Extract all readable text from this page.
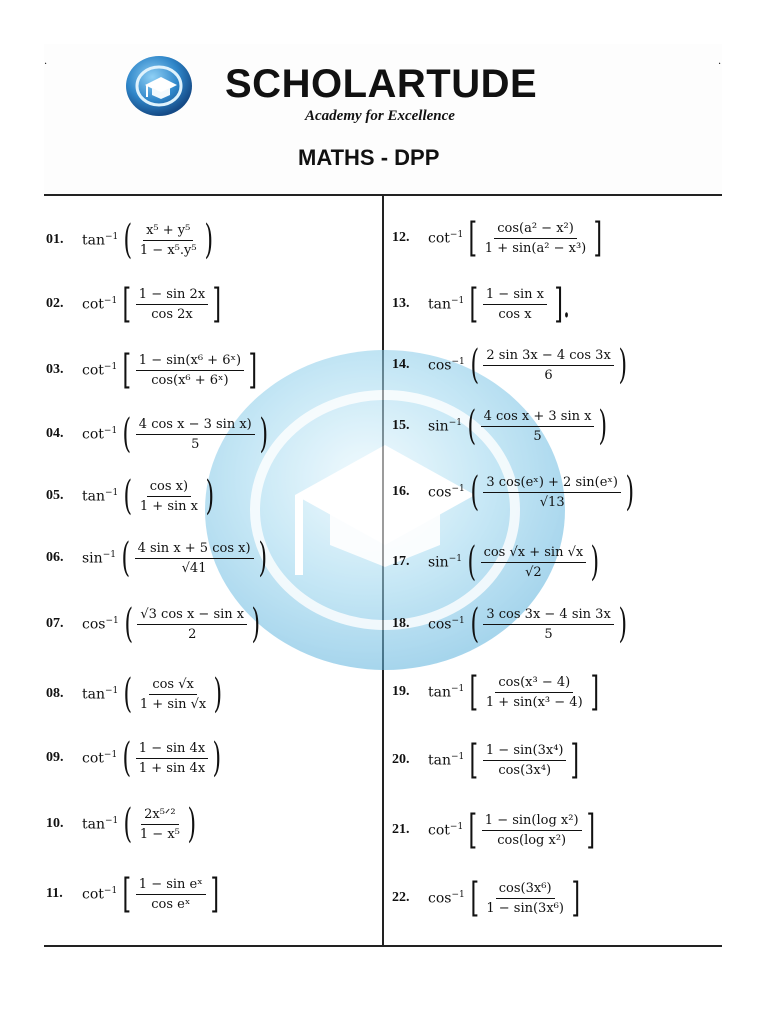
.	.
SCHOLARTUDE
Academy for Excellence
MATHS - DPP
01.	$\tan^{-1}$ ( $\frac{\text{x⁵ + y⁵}}{\text{1 − x⁵.y⁵}}$ )
02.	$\cot^{-1}$ [ $\frac{1 - \sin 2x}{\cos 2x}$ ]
03.	$\cot^{-1}$ [ $\frac{\text{1 − sin(x⁶ + 6ˣ)}}{\text{cos(x⁶ + 6ˣ)}}$ ]
04.	$\cot^{-1}$ ( $\frac{\text{4 cos x − 3 sin x)}}{5}$ )
05.	$\tan^{-1}$ ( $\frac{\text{cos x)}}{\text{1 + sin x}}$ )
06.	$\sin^{-1}$ ( $\frac{\text{4 sin x + 5 cos x)}}{√41}$ )
07.	$\cos^{-1}$ ( $\frac{\text{√3 cos x − sin x}}{2}$ )
08.	$\tan^{-1}$ ( $\frac{\cos √x}{1 + \sin √x}$ )
09.	$\cot^{-1}$ ( $\frac{1 - \sin 4x}{1 + \sin 4x}$ )
10.	$\tan^{-1}$ ( $\frac{\text{2x⁵ᐟ²}}{\text{1 − x⁵}}$ )
11.	$\cot^{-1}$ [ $\frac{\text{1 − sin eˣ}}{\text{cos eˣ}}$ ]
12.	$\cot^{-1}$ [ $\frac{\text{cos(a² − x²)}}{\text{1 + sin(a² − x³)}}$ ]
13.	$\tan^{-1}$ [ $\frac{\text{1 − sin x}}{\text{cos x}}$ ].
14.	$\cos^{-1}$ ( $\frac{2 \sin 3x - 4 \cos 3x}{6}$ )
15.	$\sin^{-1}$ ( $\frac{\text{4 cos x + 3 sin x}}{5}$ )
16.	$\cos^{-1}$ ( $\frac{\text{3 cos(eˣ) + 2 sin(eˣ)}}{√13}$ )
17.	$\sin^{-1}$ ( $\frac{\cos √x + \sin √x}{√2}$ )
18.	$\cos^{-1}$ ( $\frac{3 \cos 3x - 4 \sin 3x}{5}$ )
19.	$\tan^{-1}$ [ $\frac{\text{cos(x³ − 4)}}{\text{1 + sin(x³ − 4)}}$ ]
20.	$\tan^{-1}$ [ $\frac{\text{1 − sin(3x⁴)}}{\text{cos(3x⁴)}}$ ]
21.	$\cot^{-1}$ [ $\frac{\text{1 − sin(log x²)}}{\text{cos(log x²)}}$ ]
22.	$\cos^{-1}$ [ $\frac{\text{cos(3x⁶)}}{\text{1 − sin(3x⁶)}}$ ]
